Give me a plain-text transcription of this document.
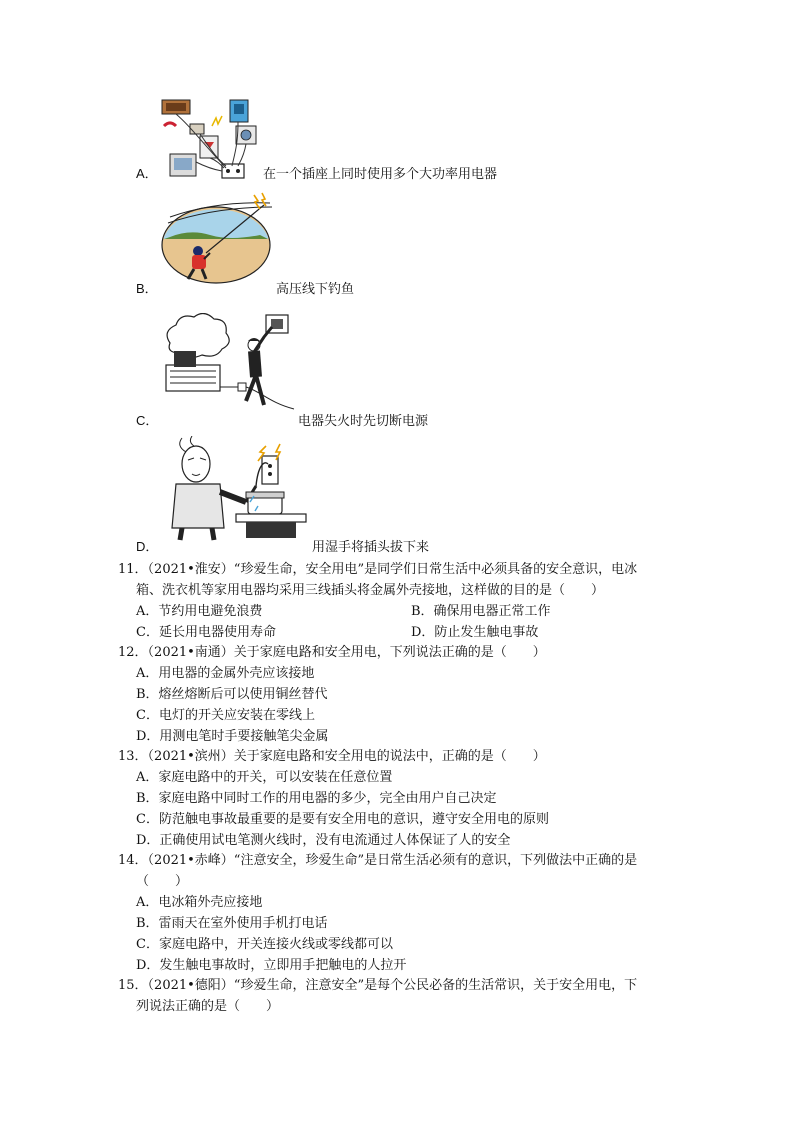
A．	在一个插座上同时使用多个大功率用电器
B．	高压线下钓鱼
C．	电器失火时先切断电源
D．	用湿手将插头拔下来
11．（2021•淮安）“珍爱生命，安全用电”是同学们日常生活中必须具备的安全意识，电冰
箱、洗衣机等家用电器均采用三线插头将金属外壳接地，这样做的目的是（　　）
A．节约用电避免浪费	B．确保用电器正常工作
C．延长用电器使用寿命	D．防止发生触电事故
12．（2021•南通）关于家庭电路和安全用电，下列说法正确的是（　　）
A．用电器的金属外壳应该接地
B．熔丝熔断后可以使用铜丝替代
C．电灯的开关应安装在零线上
D．用测电笔时手要接触笔尖金属
13．（2021•滨州）关于家庭电路和安全用电的说法中，正确的是（　　）
A．家庭电路中的开关，可以安装在任意位置
B．家庭电路中同时工作的用电器的多少，完全由用户自己决定
C．防范触电事故最重要的是要有安全用电的意识，遵守安全用电的原则
D．正确使用试电笔测火线时，没有电流通过人体保证了人的安全
14．（2021•赤峰）“注意安全，珍爱生命”是日常生活必须有的意识，下列做法中正确的是
（　　）
A．电冰箱外壳应接地
B．雷雨天在室外使用手机打电话
C．家庭电路中，开关连接火线或零线都可以
D．发生触电事故时，立即用手把触电的人拉开
15．（2021•德阳）“珍爱生命，注意安全”是每个公民必备的生活常识，关于安全用电，下
列说法正确的是（　　）
